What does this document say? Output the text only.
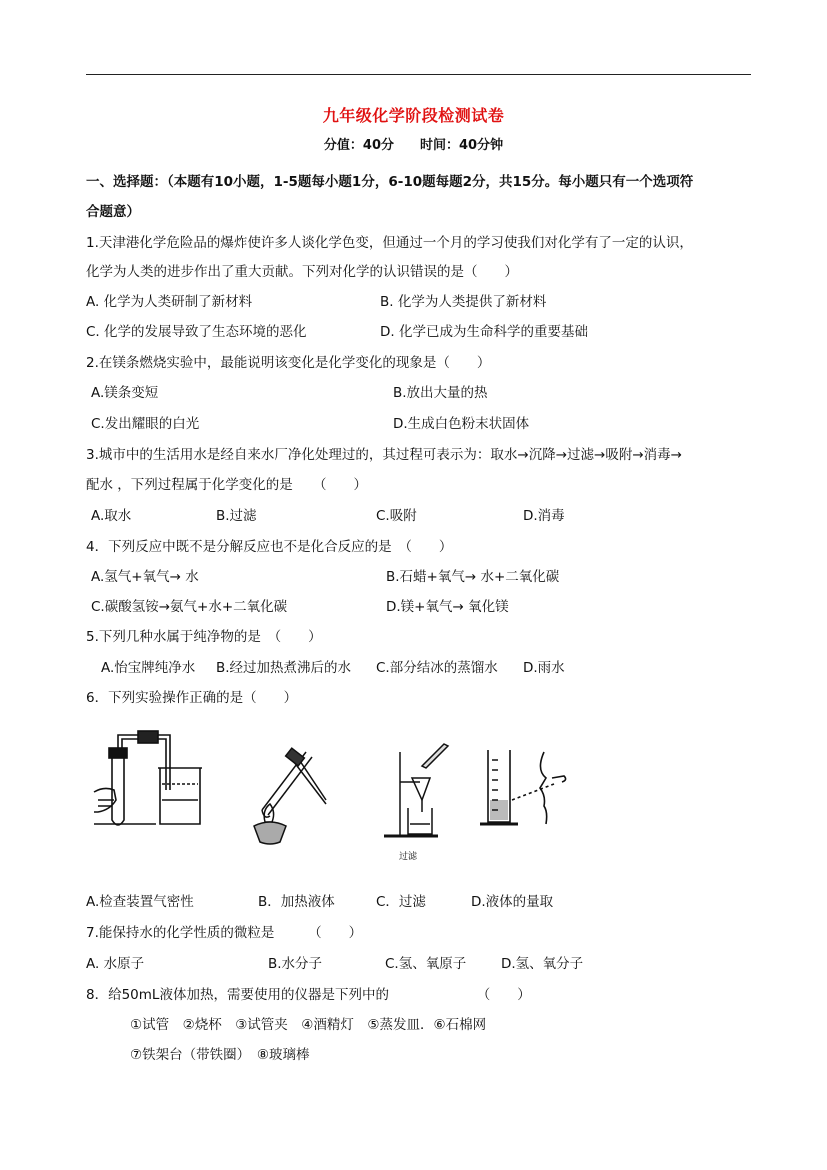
九年级化学阶段检测试卷
分值：40分　　时间：40分钟
一、选择题：（本题有10小题，1-5题每小题1分，6-10题每题2分，共15分。每小题只有一个选项符
合题意）
1.天津港化学危险品的爆炸使许多人谈化学色变，但通过一个月的学习使我们对化学有了一定的认识，
化学为人类的进步作出了重大贡献。下列对化学的认识错误的是（　　）
A. 化学为人类研制了新材料	B. 化学为人类提供了新材料
C. 化学的发展导致了生态环境的恶化	D. 化学已成为生命科学的重要基础
2.在镁条燃烧实验中，最能说明该变化是化学变化的现象是（　　）
A.镁条变短	B.放出大量的热
C.发出耀眼的白光	D.生成白色粉末状固体
3.城市中的生活用水是经自来水厂净化处理过的，其过程可表示为：取水→沉降→过滤→吸附→消毒→
配水 ，下列过程属于化学变化的是　　（　　）
A.取水	B.过滤	C.吸附	D.消毒
4．下列反应中既不是分解反应也不是化合反应的是　（　　）
A.氢气+氧气→ 水	B.石蜡+氧气→ 水+二氧化碳
C.碳酸氢铵→氨气+水+二氧化碳	D.镁+氧气→ 氧化镁
5.下列几种水属于纯净物的是　（　　）
A.怡宝牌纯净水 B.经过加热煮沸后的水 C.部分结冰的蒸馏水 D.雨水
6．下列实验操作正确的是（　　）
过滤
A.检查装置气密性	B．加热液体	C．过滤	D.液体的量取
7.能保持水的化学性质的微粒是　　　（　　）
A. 水原子	B.水分子	C.氢、氧原子	D.氢、氧分子
8．给50mL液体加热，需要使用的仪器是下列中的　　　　　　　（　　）
①试管　②烧杯　③试管夹　④酒精灯　⑤蒸发皿．⑥石棉网
⑦铁架台（带铁圈）　⑧玻璃棒
